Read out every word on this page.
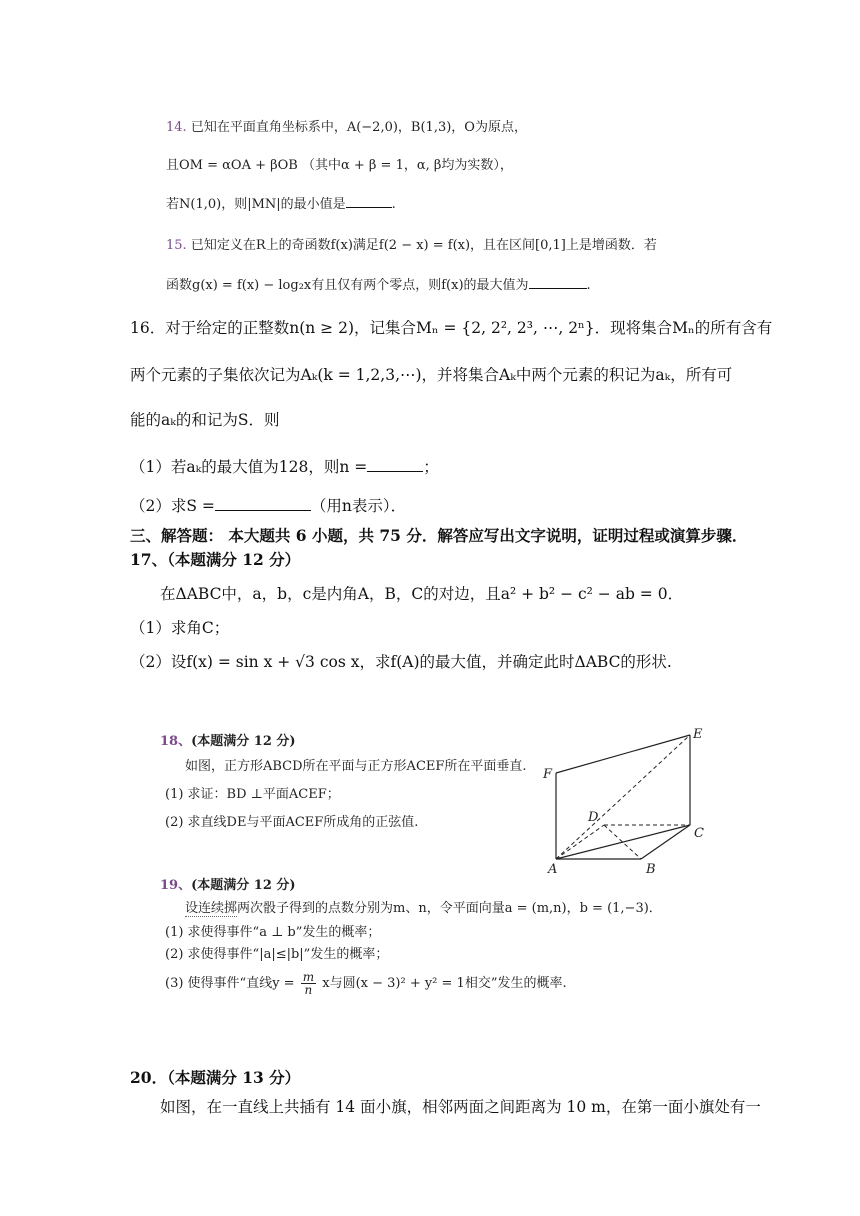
14. 已知在平面直角坐标系中，A(−2,0)，B(1,3)，O为原点，
且OM = αOA + βOB （其中α + β = 1，α, β均为实数），
若N(1,0)，则|MN|的最小值是	.
15. 已知定义在R上的奇函数f(x)满足f(2 − x) = f(x)，且在区间[0,1]上是增函数．若
函数g(x) = f(x) − log₂x有且仅有两个零点，则f(x)的最大值为	.
16．对于给定的正整数n(n ≥ 2)，记集合Mₙ = {2, 2², 2³, ⋯, 2ⁿ}．现将集合Mₙ的所有含有
两个元素的子集依次记为Aₖ(k = 1,2,3,⋯)，并将集合Aₖ中两个元素的积记为aₖ，所有可
能的aₖ的和记为S．则
（1）若aₖ的最大值为128，则n =	；
（2）求S =	（用n表示）．
三、解答题： 本大题共 6 小题，共 75 分．解答应写出文字说明，证明过程或演算步骤．
17、（本题满分 12 分）
在ΔABC中，a，b，c是内角A，B，C的对边，且a² + b² − c² − ab = 0．
（1）求角C；
（2）设f(x) = sin x + √3 cos x，求f(A)的最大值，并确定此时ΔABC的形状.
18、(本题满分 12 分)
如图，正方形ABCD所在平面与正方形ACEF所在平面垂直.
(1) 求证：BD ⊥平面ACEF；
(2) 求直线DE与平面ACEF所成角的正弦值.
E
F
D
C
A	B
19、(本题满分 12 分)
设连续掷两次骰子得到的点数分别为m、n，令平面向量a = (m,n)，b = (1,−3)．
(1) 求使得事件“a ⊥ b”发生的概率；
(2) 求使得事件“|a|≤|b|”发生的概率；
(3) 使得事件“直线$y = \frac{m}{n}$ x与圆(x − 3)² + y² = 1相交”发生的概率.
20．（本题满分 13 分）
如图，在一直线上共插有 14 面小旗，相邻两面之间距离为 10 m，在第一面小旗处有一
